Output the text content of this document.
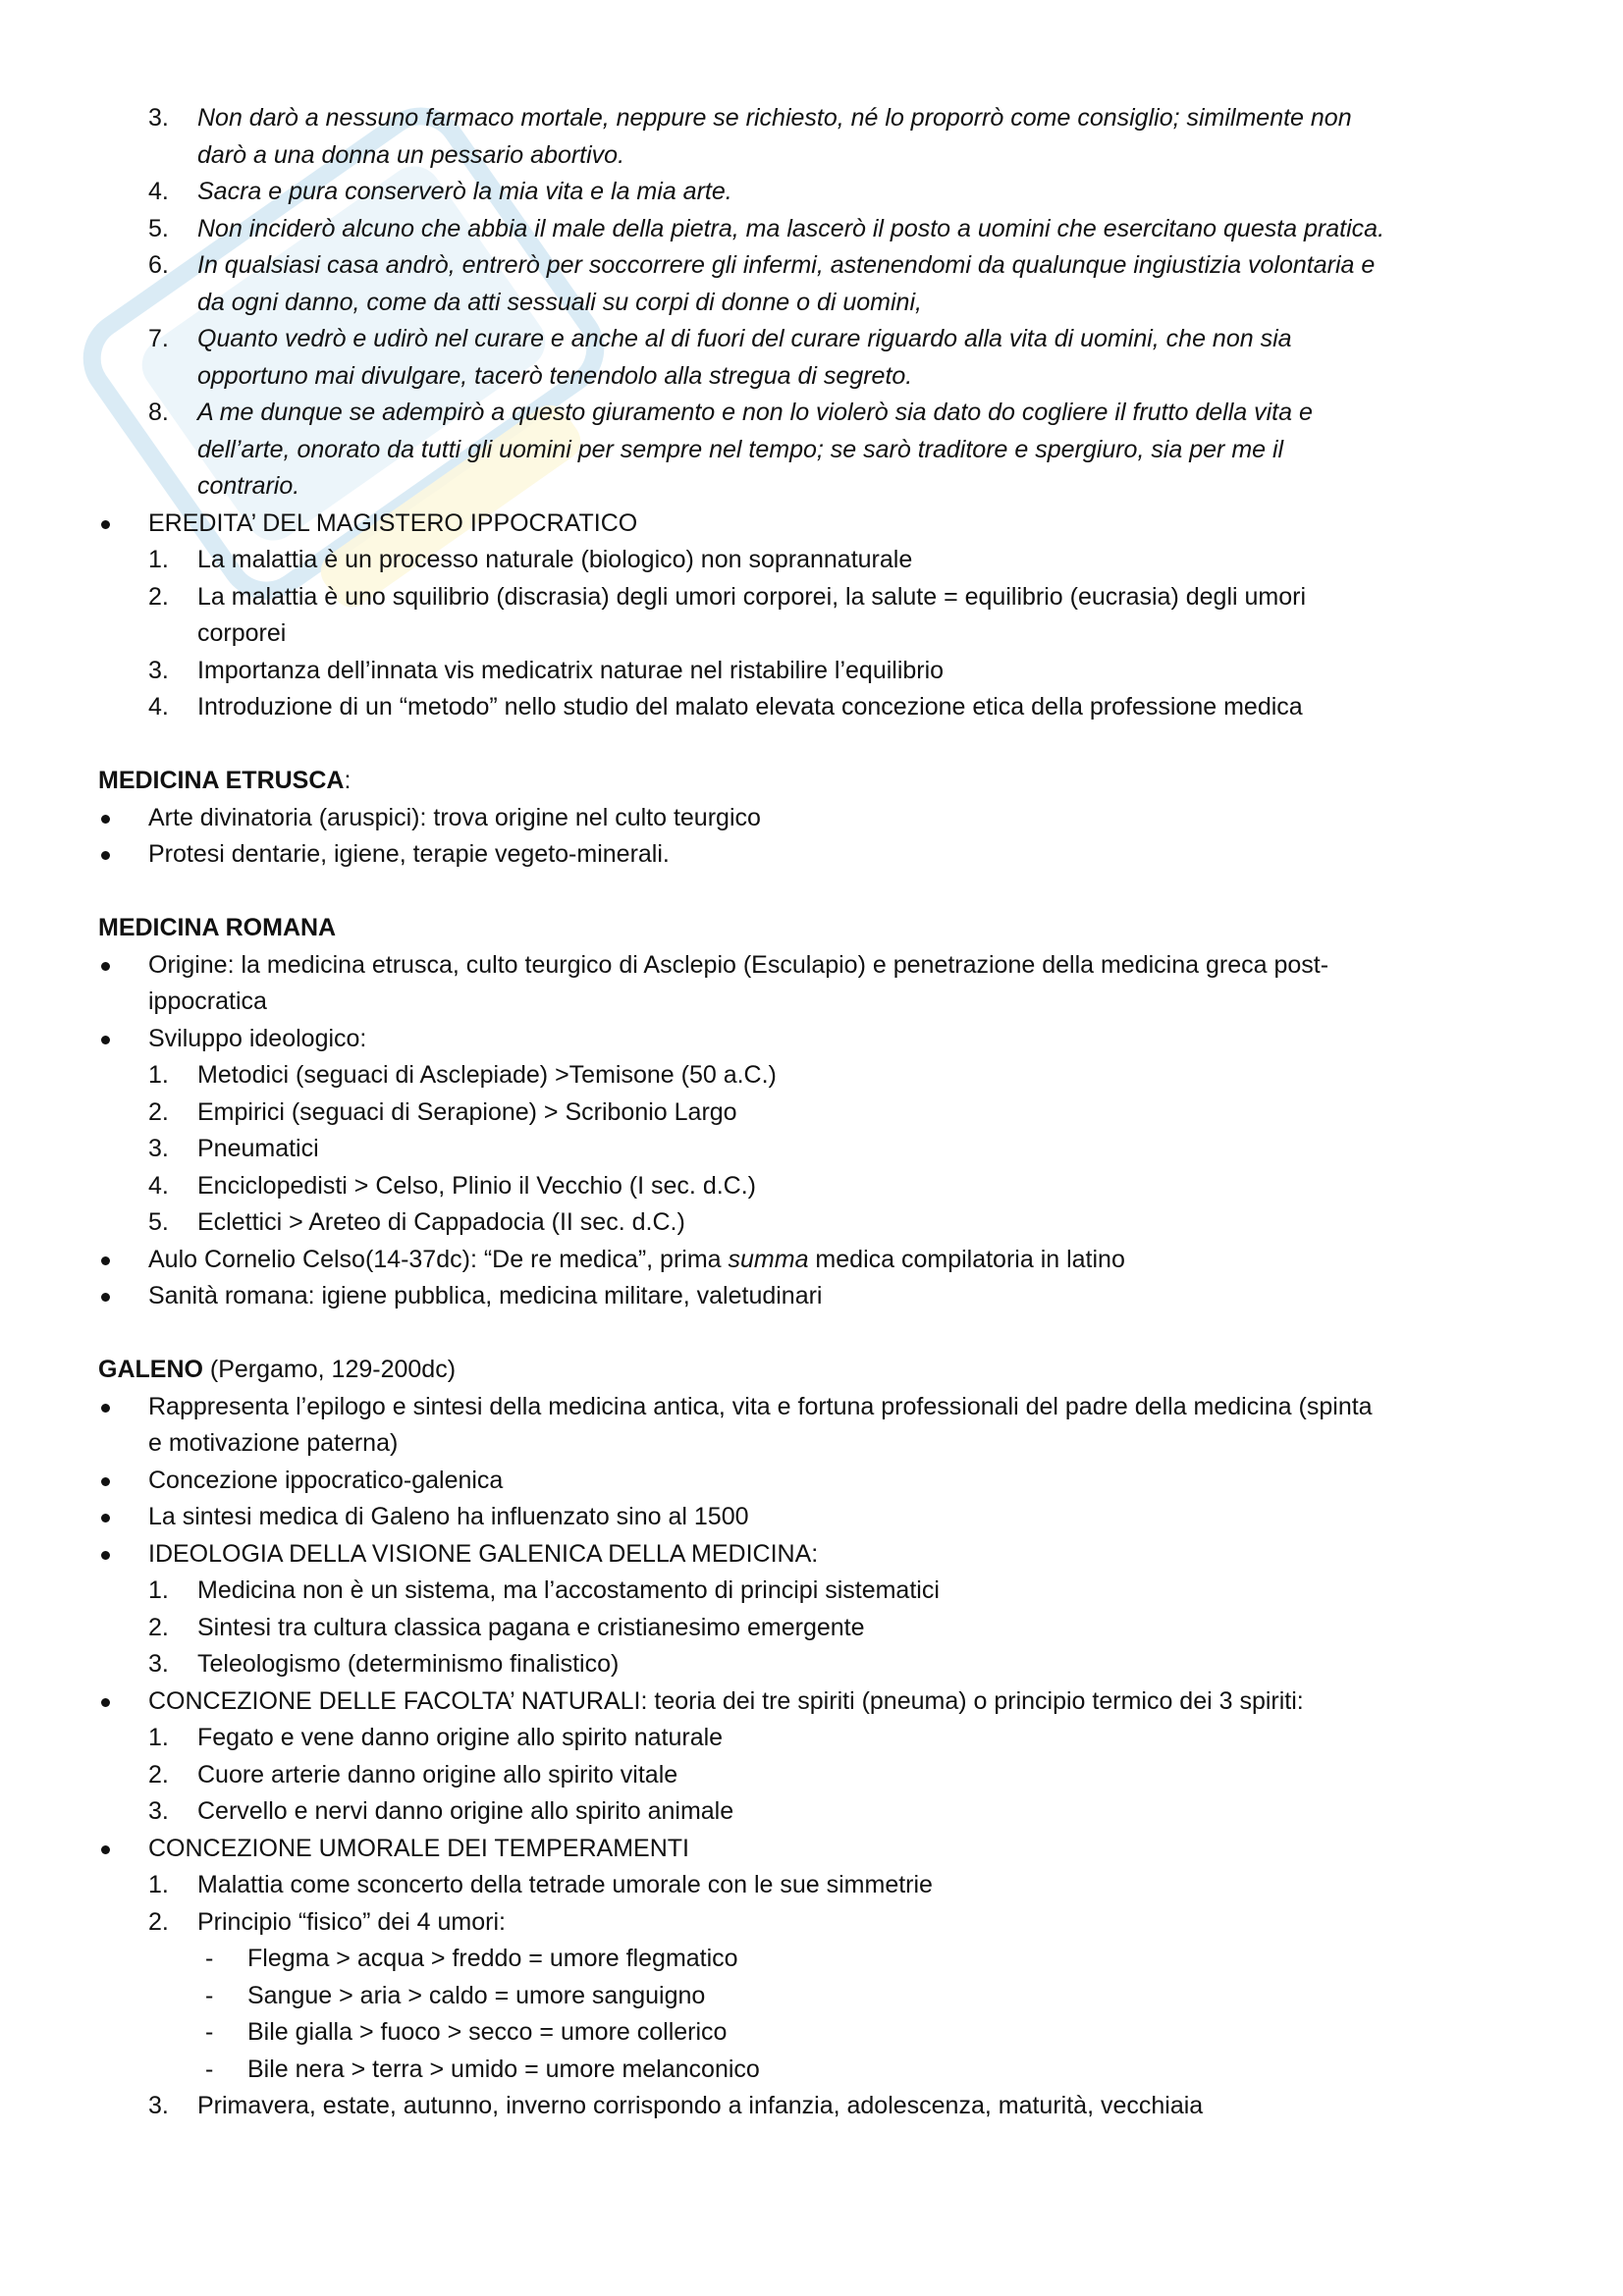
3. Non darò a nessuno farmaco mortale, neppure se richiesto, né lo proporrò come consiglio; similmente non
darò a una donna un pessario abortivo.
4. Sacra e pura conserverò la mia vita e la mia arte.
5. Non inciderò alcuno che abbia il male della pietra, ma lascerò il posto a uomini che esercitano questa pratica.
6. In qualsiasi casa andrò, entrerò per soccorrere gli infermi, astenendomi da qualunque ingiustizia volontaria e
da ogni danno, come da atti sessuali su corpi di donne o di uomini,
7. Quanto vedrò e udirò nel curare e anche al di fuori del curare riguardo alla vita di uomini, che non sia
opportuno mai divulgare, tacerò tenendolo alla stregua di segreto.
8. A me dunque se adempirò a questo giuramento e non lo violerò sia dato do cogliere il frutto della vita e
dell’arte, onorato da tutti gli uomini per sempre nel tempo; se sarò traditore e spergiuro, sia per me il
contrario.
EREDITA’ DEL MAGISTERO IPPOCRATICO
1. La malattia è un processo naturale (biologico) non soprannaturale
2. La malattia è uno squilibrio (discrasia) degli umori corporei, la salute = equilibrio (eucrasia) degli umori
corporei
3. Importanza dell’innata vis medicatrix naturae nel ristabilire l’equilibrio
4. Introduzione di un “metodo” nello studio del malato elevata concezione etica della professione medica
MEDICINA ETRUSCA:
Arte divinatoria (aruspici): trova origine nel culto teurgico
Protesi dentarie, igiene, terapie vegeto-minerali.
MEDICINA ROMANA
Origine: la medicina etrusca, culto teurgico di Asclepio (Esculapio) e penetrazione della medicina greca post-
ippocratica
Sviluppo ideologico:
1. Metodici (seguaci di Asclepiade) >Temisone (50 a.C.)
2. Empirici (seguaci di Serapione) > Scribonio Largo
3. Pneumatici
4. Enciclopedisti > Celso, Plinio il Vecchio (I sec. d.C.)
5. Eclettici > Areteo di Cappadocia (II sec. d.C.)
Aulo Cornelio Celso(14-37dc): “De re medica”, prima summa medica compilatoria in latino
Sanità romana: igiene pubblica, medicina militare, valetudinari
GALENO (Pergamo, 129-200dc)
Rappresenta l’epilogo e sintesi della medicina antica, vita e fortuna professionali del padre della medicina (spinta
e motivazione paterna)
Concezione ippocratico-galenica
La sintesi medica di Galeno ha influenzato sino al 1500
IDEOLOGIA DELLA VISIONE GALENICA DELLA MEDICINA:
1. Medicina non è un sistema, ma l’accostamento di principi sistematici
2. Sintesi tra cultura classica pagana e cristianesimo emergente
3. Teleologismo (determinismo finalistico)
CONCEZIONE DELLE FACOLTA’ NATURALI: teoria dei tre spiriti (pneuma) o principio termico dei 3 spiriti:
1. Fegato e vene danno origine allo spirito naturale
2. Cuore arterie danno origine allo spirito vitale
3. Cervello e nervi danno origine allo spirito animale
CONCEZIONE UMORALE DEI TEMPERAMENTI
1. Malattia come sconcerto della tetrade umorale con le sue simmetrie
2. Principio “fisico” dei 4 umori:
- Flegma > acqua > freddo = umore flegmatico
- Sangue > aria > caldo = umore sanguigno
- Bile gialla > fuoco > secco = umore collerico
- Bile nera > terra > umido = umore melanconico
3. Primavera, estate, autunno, inverno corrispondo a infanzia, adolescenza, maturità, vecchiaia
